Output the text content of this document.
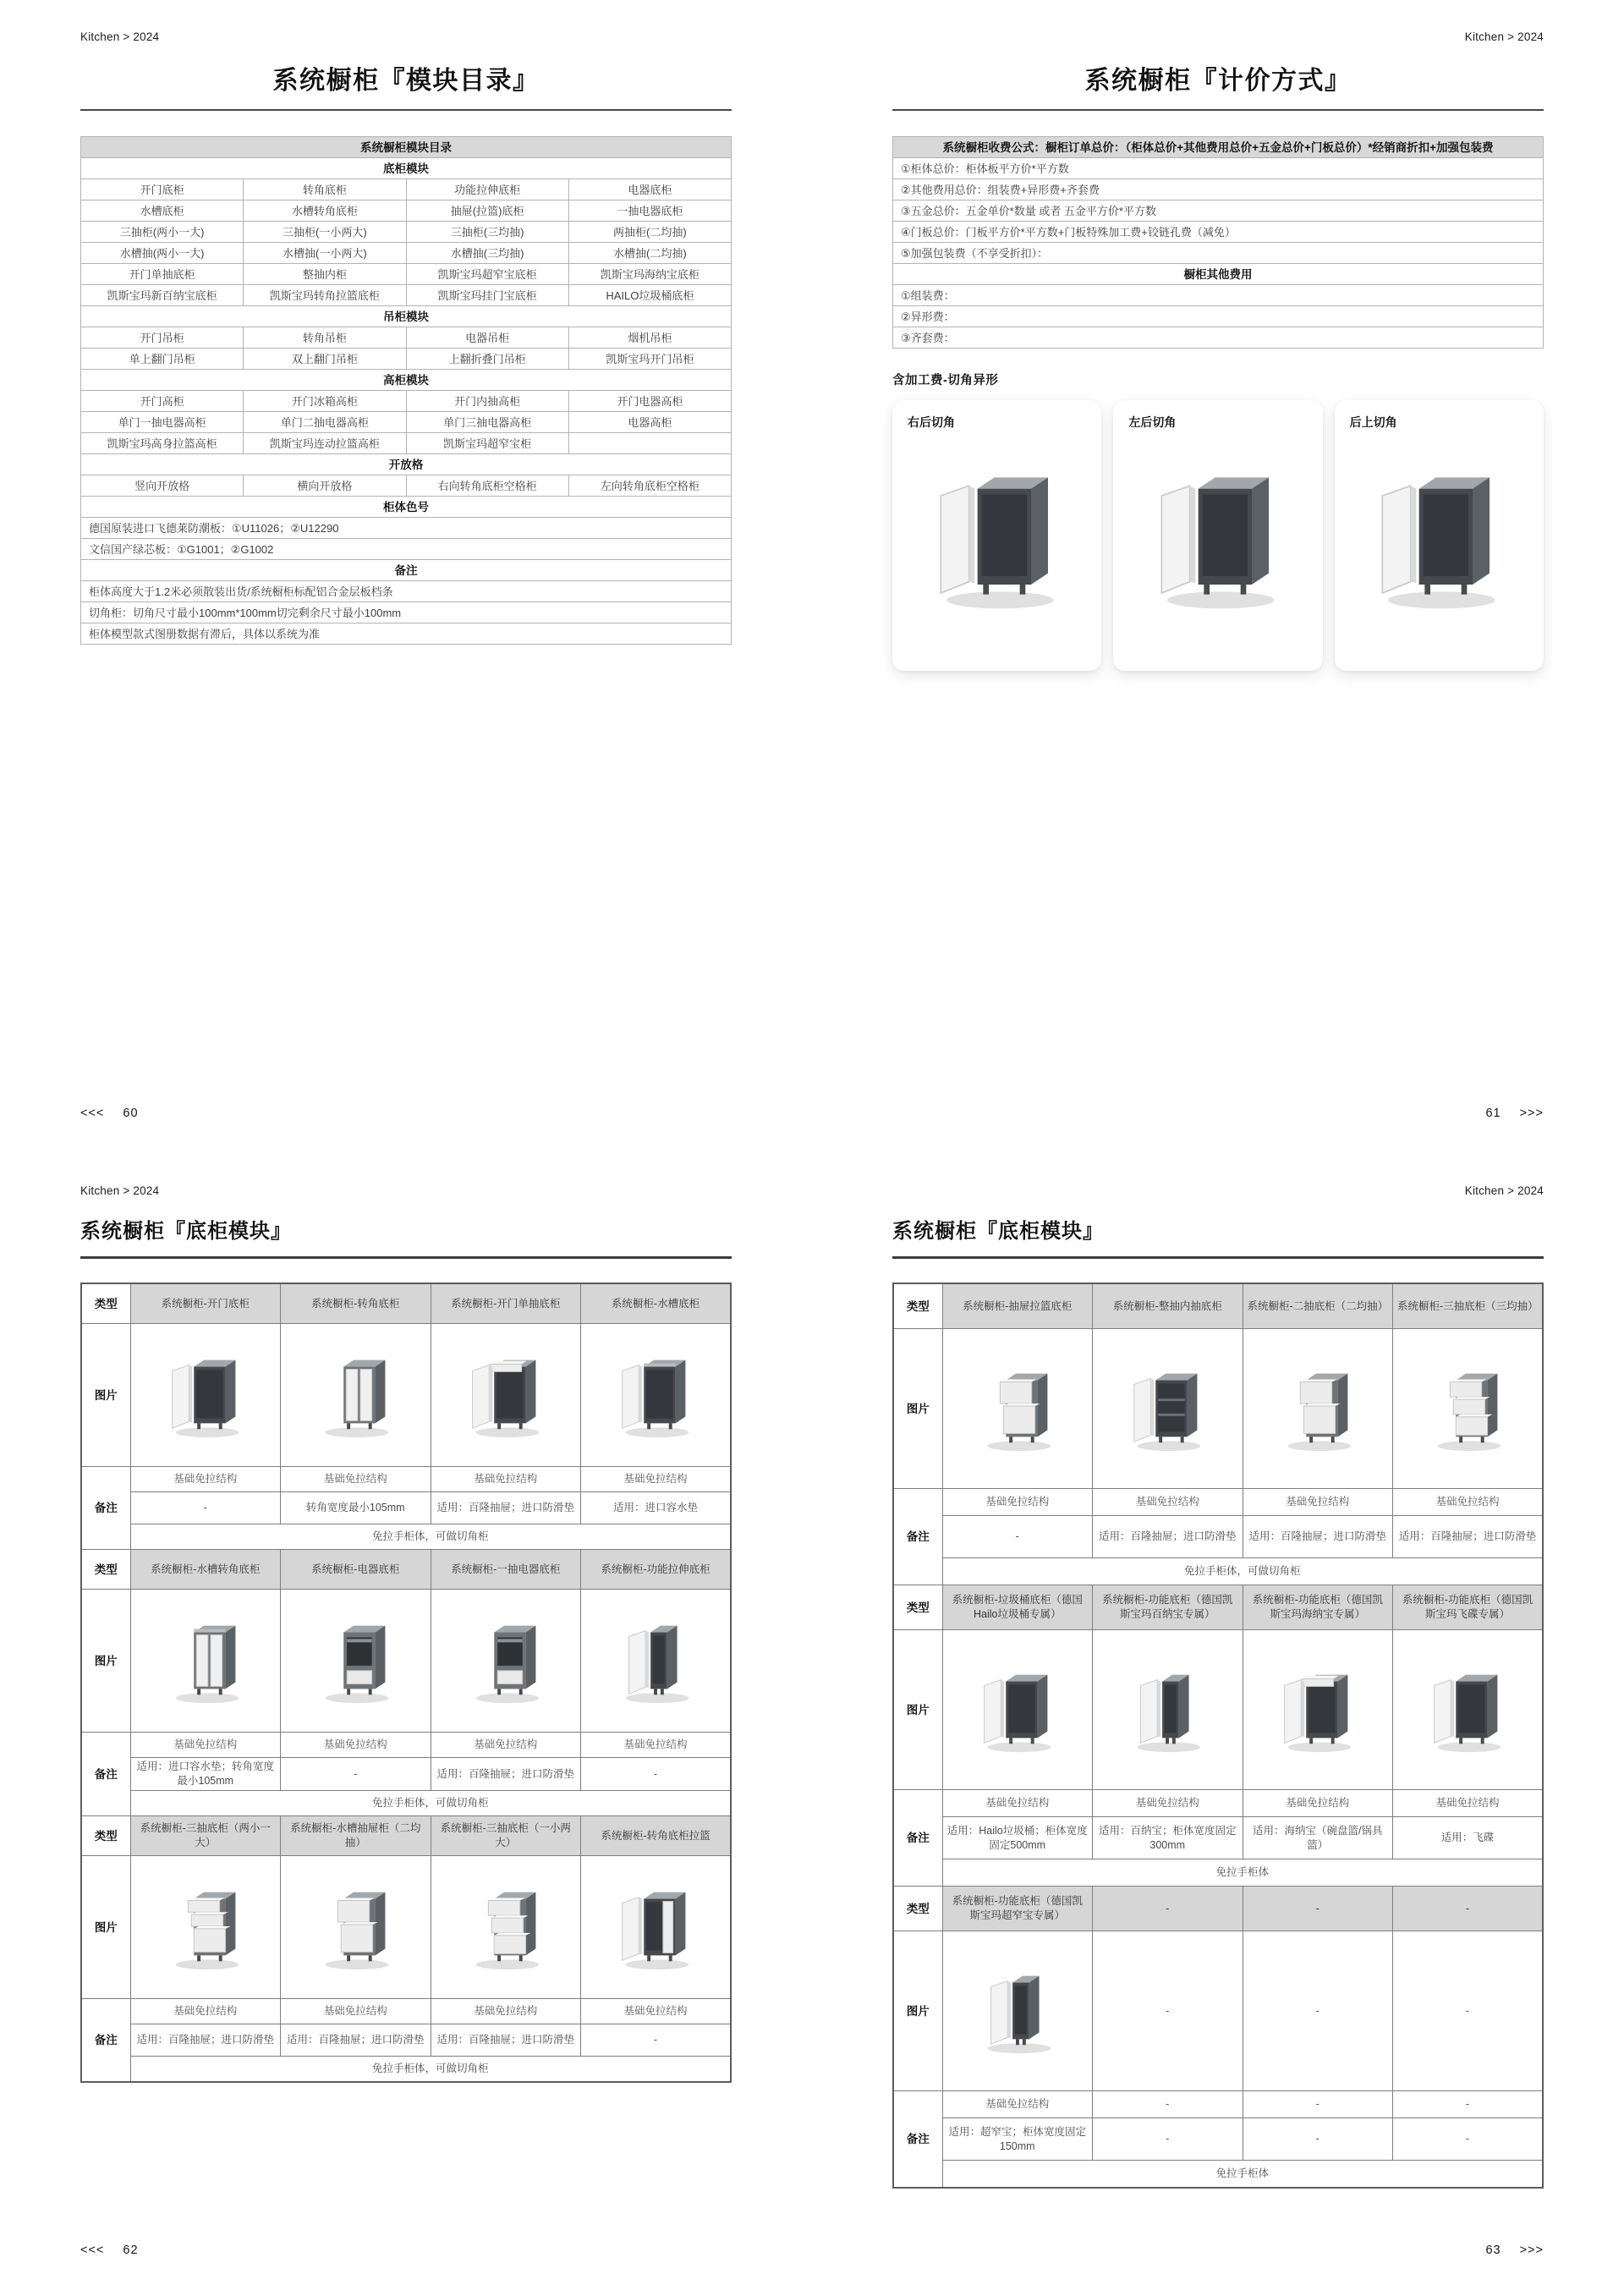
Kitchen > 2024
系统橱柜『模块目录』
系统橱柜模块目录			
底柜模块			
开门底柜	转角底柜	功能拉伸底柜	电器底柜
水槽底柜	水槽转角底柜	抽屉(拉篮)底柜	一抽电器底柜
三抽柜(两小一大)	三抽柜(一小两大)	三抽柜(三均抽)	两抽柜(二均抽)
水槽抽(两小一大)	水槽抽(一小两大)	水槽抽(三均抽)	水槽抽(二均抽)
开门单抽底柜	整抽内柜	凯斯宝玛超窄宝底柜	凯斯宝玛海纳宝底柜
凯斯宝玛新百纳宝底柜	凯斯宝玛转角拉篮底柜	凯斯宝玛挂门宝底柜	HAILO垃圾桶底柜
吊柜模块			
开门吊柜	转角吊柜	电器吊柜	烟机吊柜
单上翻门吊柜	双上翻门吊柜	上翻折叠门吊柜	凯斯宝玛开门吊柜
高柜模块			
开门高柜	开门冰箱高柜	开门内抽高柜	开门电器高柜
单门一抽电器高柜	单门二抽电器高柜	单门三抽电器高柜	电器高柜
凯斯宝玛高身拉篮高柜	凯斯宝玛连动拉篮高柜	凯斯宝玛超窄宝柜	
开放格			
竖向开放格	横向开放格	右向转角底柜空格柜	左向转角底柜空格柜
柜体色号			
德国原装进口飞德莱防潮板：①U11026；②U12290			
文信国产绿芯板：①G1001；②G1002			
备注			
柜体高度大于1.2米必须散装出货/系统橱柜标配铝合金层板档条			
切角柜：切角尺寸最小100mm*100mm切完剩余尺寸最小100mm			
柜体模型款式图册数据有滞后，具体以系统为准			
<<< 60
Kitchen > 2024
系统橱柜『计价方式』
系统橱柜收费公式：橱柜订单总价：（柜体总价+其他费用总价+五金总价+门板总价）*经销商折扣+加强包装费
①柜体总价：柜体板平方价*平方数
②其他费用总价：组装费+异形费+齐套费
③五金总价：五金单价*数量 或者 五金平方价*平方数
④门板总价：门板平方价*平方数+门板特殊加工费+铰链孔费（减免）
⑤加强包装费（不享受折扣）：
橱柜其他费用
①组装费：
②异形费：
③齐套费：
含加工费-切角异形
右后切角	左后切角	后上切角
61 >>>
Kitchen > 2024
系统橱柜『底柜模块』
类型	系统橱柜-开门底柜	系统橱柜-转角底柜	系统橱柜-开门单抽底柜	系统橱柜-水槽底柜
图片				
备注	基础免拉结构	基础免拉结构	基础免拉结构	基础免拉结构
	-	转角宽度最小105mm	适用：百隆抽屉；进口防滑垫	适用：进口容水垫
	免拉手柜体，可做切角柜			
类型	系统橱柜-水槽转角底柜	系统橱柜-电器底柜	系统橱柜-一抽电器底柜	系统橱柜-功能拉伸底柜
图片				
备注	基础免拉结构	基础免拉结构	基础免拉结构	基础免拉结构
	适用：进口容水垫；转角宽度最小105mm	-	适用：百隆抽屉；进口防滑垫	-
	免拉手柜体，可做切角柜			
类型	系统橱柜-三抽底柜（两小一大）	系统橱柜-水槽抽屉柜（二均抽）	系统橱柜-三抽底柜（一小两大）	系统橱柜-转角底柜拉篮
图片				
备注	基础免拉结构	基础免拉结构	基础免拉结构	基础免拉结构
	适用：百隆抽屉；进口防滑垫	适用：百隆抽屉；进口防滑垫	适用：百隆抽屉；进口防滑垫	-
	免拉手柜体，可做切角柜			
<<< 62
Kitchen > 2024
系统橱柜『底柜模块』
类型	系统橱柜-抽屉拉篮底柜	系统橱柜-整抽内抽底柜	系统橱柜-二抽底柜（二均抽）	系统橱柜-三抽底柜（三均抽）
图片				
备注	基础免拉结构	基础免拉结构	基础免拉结构	基础免拉结构
	-	适用：百隆抽屉；进口防滑垫	适用：百隆抽屉；进口防滑垫	适用：百隆抽屉；进口防滑垫
	免拉手柜体，可做切角柜			
类型	系统橱柜-垃圾桶底柜（德国Hailo垃圾桶专属）	系统橱柜-功能底柜（德国凯斯宝玛百纳宝专属）	系统橱柜-功能底柜（德国凯斯宝玛海纳宝专属）	系统橱柜-功能底柜（德国凯斯宝玛飞碟专属）
图片				
备注	基础免拉结构	基础免拉结构	基础免拉结构	基础免拉结构
	适用：Hailo垃圾桶；柜体宽度固定500mm	适用：百纳宝；柜体宽度固定300mm	适用：海纳宝（碗盘篮/锅具篮）	适用：飞碟
	免拉手柜体			
类型	系统橱柜-功能底柜（德国凯斯宝玛超窄宝专属）	-	-	-
图片		-	-	-
备注	基础免拉结构	-	-	-
	适用：超窄宝；柜体宽度固定150mm	-	-	-
	免拉手柜体			
63 >>>
